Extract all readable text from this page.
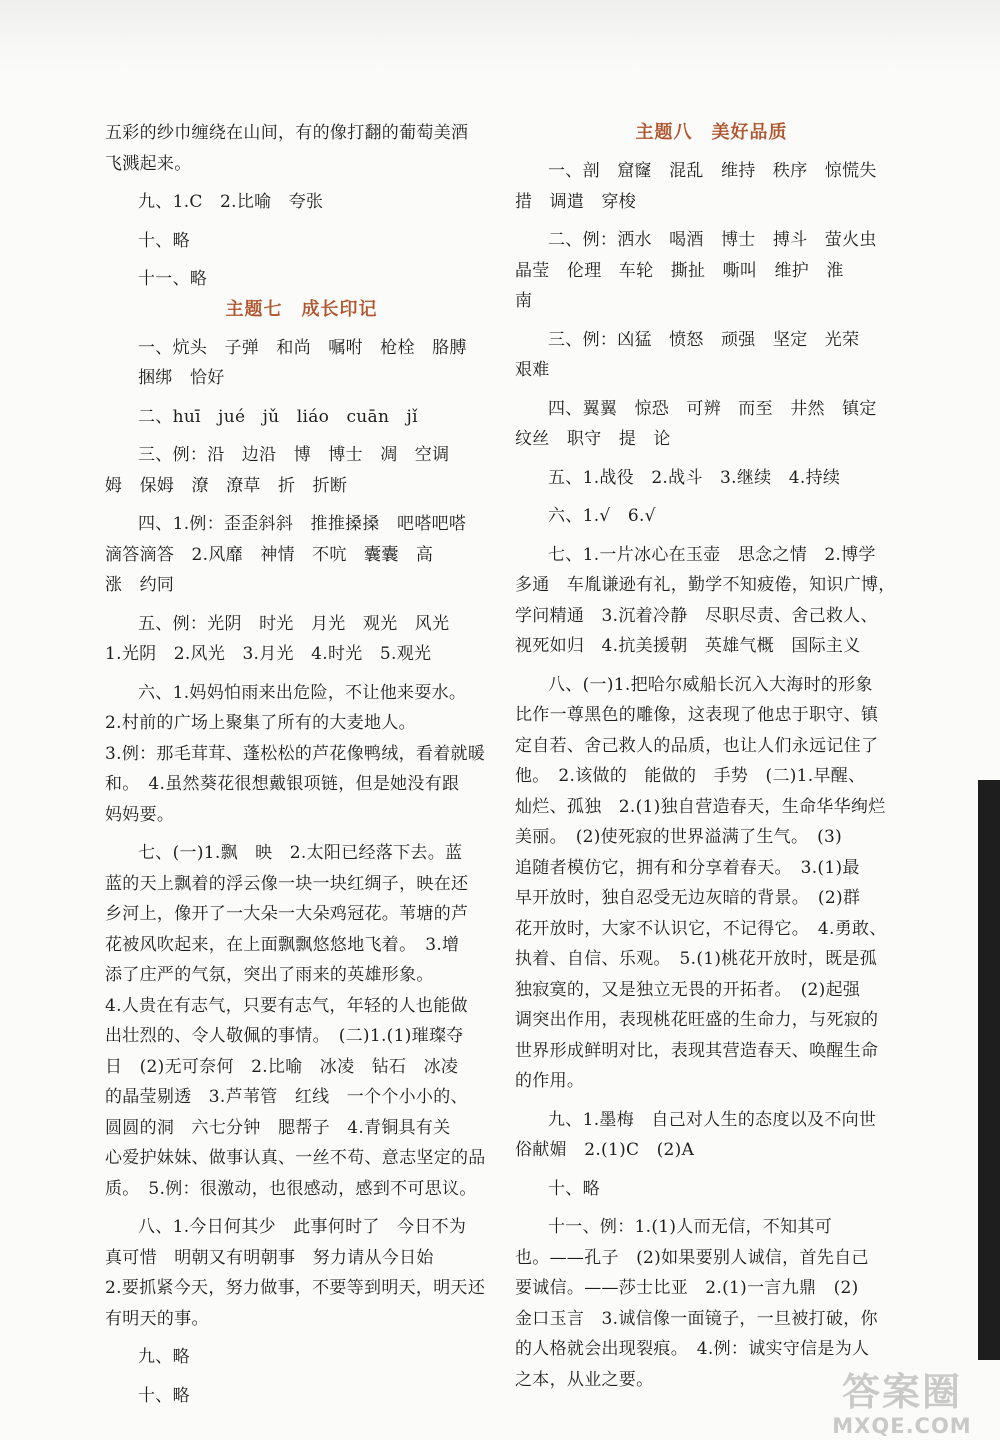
五彩的纱巾缠绕在山间，有的像打翻的葡萄美酒
飞溅起来。
九、1.C　2.比喻　夸张
十、略
十一、略
主题七　成长印记
一、炕头　子弹　和尚　嘱咐　枪栓　胳膊
捆绑　恰好
二、huī　jué　jǔ　liáo　cuān　jǐ
三、例：沿　边沿　博　博士　凋　空调
姆　保姆　潦　潦草　折　折断
四、1.例：歪歪斜斜　推推搡搡　吧嗒吧嗒
滴答滴答　2.风靡　神情　不吭　囊囊　高
涨　约同
五、例：光阴　时光　月光　观光　风光
1.光阴　2.风光　3.月光　4.时光　5.观光
六、1.妈妈怕雨来出危险，不让他来耍水。
2.村前的广场上聚集了所有的大麦地人。
3.例：那毛茸茸、蓬松松的芦花像鸭绒，看着就暖
和。　4.虽然葵花很想戴银项链，但是她没有跟
妈妈要。
七、(一)1.飘　映　2.太阳已经落下去。蓝
蓝的天上飘着的浮云像一块一块红绸子，映在还
乡河上，像开了一大朵一大朵鸡冠花。苇塘的芦
花被风吹起来，在上面飘飘悠悠地飞着。　3.增
添了庄严的气氛，突出了雨来的英雄形象。
4.人贵在有志气，只要有志气，年轻的人也能做
出壮烈的、令人敬佩的事情。　(二)1.(1)璀璨夺
日　(2)无可奈何　2.比喻　冰凌　钻石　冰凌
的晶莹剔透　3.芦苇管　红线　一个个小小的、
圆圆的洞　六七分钟　腮帮子　4.青铜具有关
心爱护妹妹、做事认真、一丝不苟、意志坚定的品
质。　5.例：很激动，也很感动，感到不可思议。
八、1.今日何其少　此事何时了　今日不为
真可惜　明朝又有明朝事　努力请从今日始
2.要抓紧今天，努力做事，不要等到明天，明天还
有明天的事。
九、略
十、略
主题八　美好品质
一、剖　窟窿　混乱　维持　秩序　惊慌失
措　调遣　穿梭
二、例：洒水　喝酒　博士　搏斗　萤火虫
晶莹　伦理　车轮　撕扯　嘶叫　维护　淮
南
三、例：凶猛　愤怒　顽强　坚定　光荣
艰难
四、翼翼　惊恐　可辨　而至　井然　镇定
纹丝　职守　提　论
五、1.战役　2.战斗　3.继续　4.持续
六、1.√　6.√
七、1.一片冰心在玉壶　思念之情　2.博学
多通　车胤谦逊有礼，勤学不知疲倦，知识广博，
学问精通　3.沉着冷静　尽职尽责、舍己救人、
视死如归　4.抗美援朝　英雄气概　国际主义
八、(一)1.把哈尔威船长沉入大海时的形象
比作一尊黑色的雕像，这表现了他忠于职守、镇
定自若、舍己救人的品质，也让人们永远记住了
他。　2.该做的　能做的　手势　(二)1.早醒、
灿烂、孤独　2.(1)独自营造春天，生命华华绚烂
美丽。　(2)使死寂的世界溢满了生气。　(3)
追随者模仿它，拥有和分享着春天。　3.(1)最
早开放时，独自忍受无边灰暗的背景。　(2)群
花开放时，大家不认识它，不记得它。　4.勇敢、
执着、自信、乐观。　5.(1)桃花开放时，既是孤
独寂寞的，又是独立无畏的开拓者。　(2)起强
调突出作用，表现桃花旺盛的生命力，与死寂的
世界形成鲜明对比，表现其营造春天、唤醒生命
的作用。
九、1.墨梅　自己对人生的态度以及不向世
俗献媚　2.(1)C　(2)A
十、略
十一、例：1.(1)人而无信，不知其可
也。——孔子　(2)如果要别人诚信，首先自己
要诚信。——莎士比亚　2.(1)一言九鼎　(2)
金口玉言　3.诚信像一面镜子，一旦被打破，你
的人格就会出现裂痕。　4.例：诚实守信是为人
之本，从业之要。	答案圈
MXQE.COM
